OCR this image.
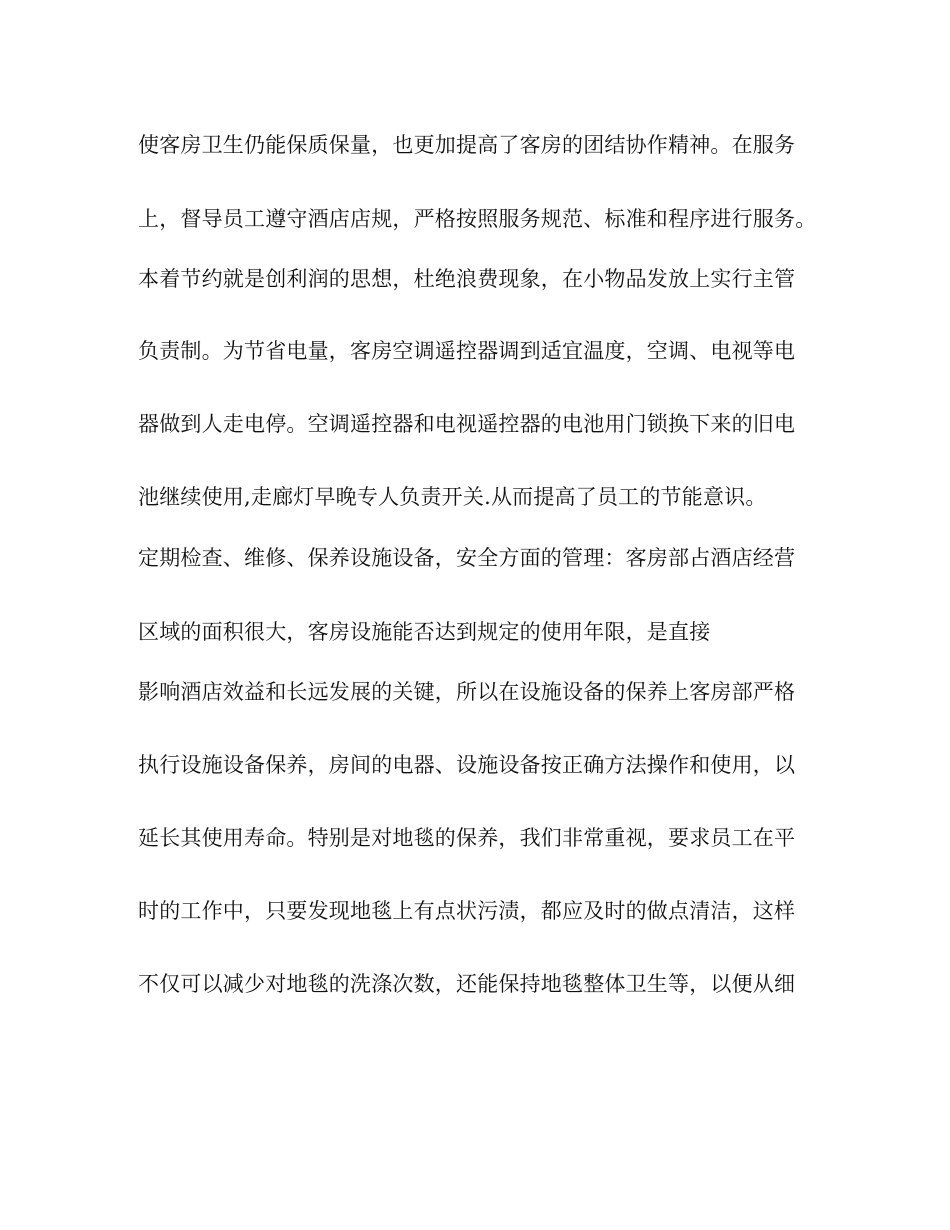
使客房卫生仍能保质保量，也更加提高了客房的团结协作精神。在服务
上，督导员工遵守酒店店规，严格按照服务规范、标准和程序进行服务。
本着节约就是创利润的思想，杜绝浪费现象，在小物品发放上实行主管
负责制。为节省电量，客房空调遥控器调到适宜温度，空调、电视等电
器做到人走电停。空调遥控器和电视遥控器的电池用门锁换下来的旧电
池继续使用,走廊灯早晚专人负责开关.从而提高了员工的节能意识。
定期检查、维修、保养设施设备，安全方面的管理：客房部占酒店经营
区域的面积很大，客房设施能否达到规定的使用年限，是直接
影响酒店效益和长远发展的关键，所以在设施设备的保养上客房部严格
执行设施设备保养，房间的电器、设施设备按正确方法操作和使用，以
延长其使用寿命。特别是对地毯的保养，我们非常重视，要求员工在平
时的工作中，只要发现地毯上有点状污渍，都应及时的做点清洁，这样
不仅可以减少对地毯的洗涤次数，还能保持地毯整体卫生等，以便从细
